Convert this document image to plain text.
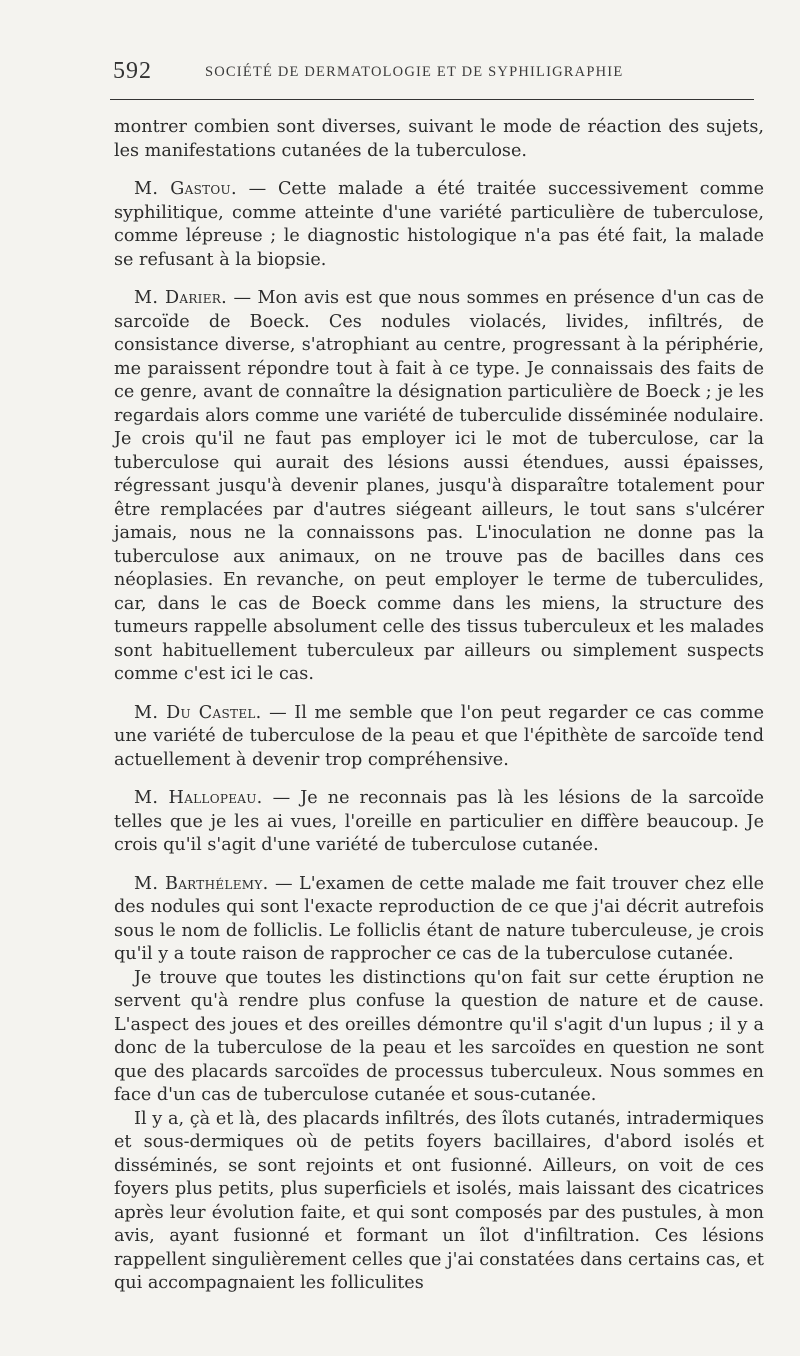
592	SOCIÉTÉ DE DERMATOLOGIE ET DE SYPHILIGRAPHIE

montrer combien sont diverses, suivant le mode de réaction des sujets, les manifestations cutanées de la tuberculose.

M. Gastou. — Cette malade a été traitée successivement comme syphilitique, comme atteinte d'une variété particulière de tuberculose, comme lépreuse ; le diagnostic histologique n'a pas été fait, la malade se refusant à la biopsie.

M. Darier. — Mon avis est que nous sommes en présence d'un cas de sarcoïde de Boeck. Ces nodules violacés, livides, infiltrés, de consistance diverse, s'atrophiant au centre, progressant à la périphérie, me paraissent répondre tout à fait à ce type. Je connaissais des faits de ce genre, avant de connaître la désignation particulière de Boeck ; je les regardais alors comme une variété de tuberculide disséminée nodulaire. Je crois qu'il ne faut pas employer ici le mot de tuberculose, car la tuberculose qui aurait des lésions aussi étendues, aussi épaisses, régressant jusqu'à devenir planes, jusqu'à disparaître totalement pour être remplacées par d'autres siégeant ailleurs, le tout sans s'ulcérer jamais, nous ne la connaissons pas. L'inoculation ne donne pas la tuberculose aux animaux, on ne trouve pas de bacilles dans ces néoplasies. En revanche, on peut employer le terme de tuberculides, car, dans le cas de Boeck comme dans les miens, la structure des tumeurs rappelle absolument celle des tissus tuberculeux et les malades sont habituellement tuberculeux par ailleurs ou simplement suspects comme c'est ici le cas.

M. Du Castel. — Il me semble que l'on peut regarder ce cas comme une variété de tuberculose de la peau et que l'épithète de sarcoïde tend actuellement à devenir trop compréhensive.

M. Hallopeau. — Je ne reconnais pas là les lésions de la sarcoïde telles que je les ai vues, l'oreille en particulier en diffère beaucoup. Je crois qu'il s'agit d'une variété de tuberculose cutanée.

M. Barthélemy. — L'examen de cette malade me fait trouver chez elle des nodules qui sont l'exacte reproduction de ce que j'ai décrit autrefois sous le nom de folliclis. Le folliclis étant de nature tuberculeuse, je crois qu'il y a toute raison de rapprocher ce cas de la tuberculose cutanée.

Je trouve que toutes les distinctions qu'on fait sur cette éruption ne servent qu'à rendre plus confuse la question de nature et de cause. L'aspect des joues et des oreilles démontre qu'il s'agit d'un lupus ; il y a donc de la tuberculose de la peau et les sarcoïdes en question ne sont que des placards sarcoïdes de processus tuberculeux. Nous sommes en face d'un cas de tuberculose cutanée et sous-cutanée.

Il y a, çà et là, des placards infiltrés, des îlots cutanés, intradermiques et sous-dermiques où de petits foyers bacillaires, d'abord isolés et disséminés, se sont rejoints et ont fusionné. Ailleurs, on voit de ces foyers plus petits, plus superficiels et isolés, mais laissant des cicatrices après leur évolution faite, et qui sont composés par des pustules, à mon avis, ayant fusionné et formant un îlot d'infiltration. Ces lésions rappellent singulièrement celles que j'ai constatées dans certains cas, et qui accompagnaient les folliculites
